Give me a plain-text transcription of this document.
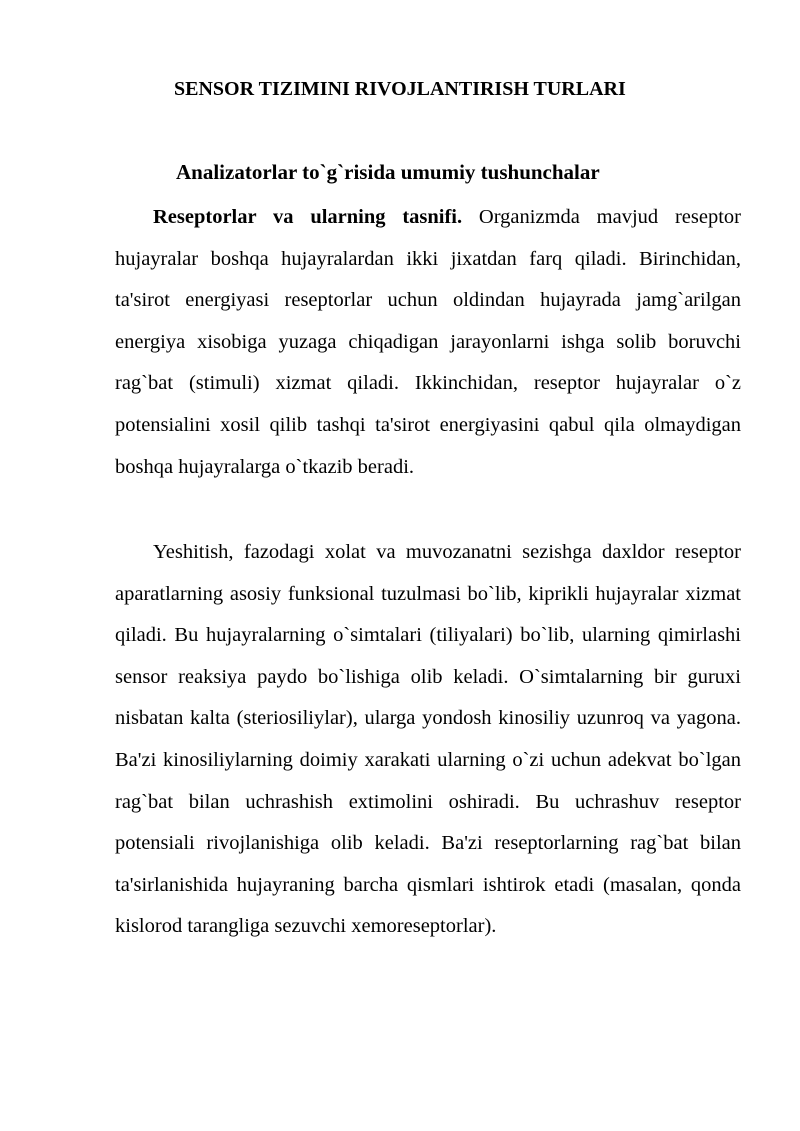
SENSOR TIZIMINI RIVOJLANTIRISH TURLARI
Analizatorlar to`g`risida umumiy tushunchalar

Reseptorlar va ularning tasnifi. Organizmda mavjud reseptor hujayralar boshqa hujayralardan ikki jixatdan farq qiladi. Birinchidan, ta'sirot energiyasi reseptorlar uchun oldindan hujayrada jamg`arilgan energiya xisobiga yuzaga chiqadigan jarayonlarni ishga solib boruvchi rag`bat (stimuli) xizmat qiladi. Ikkinchidan, reseptor hujayralar o`z potensialini xosil qilib tashqi ta'sirot energiyasini qabul qila olmaydigan boshqa hujayralarga o`tkazib beradi.

Yeshitish, fazodagi xolat va muvozanatni sezishga daxldor reseptor aparatlarning asosiy funksional tuzulmasi bo`lib, kiprikli hujayralar xizmat qiladi. Bu hujayralarning o`simtalari (tiliyalari) bo`lib, ularning qimirlashi sensor reaksiya paydo bo`lishiga olib keladi. O`simtalarning bir guruxi nisbatan kalta (steriosiliylar), ularga yondosh kinosiliy uzunroq va yagona. Ba'zi kinosiliylarning doimiy xarakati ularning o`zi uchun adekvat bo`lgan rag`bat bilan uchrashish extimolini oshiradi. Bu uchrashuv reseptor potensiali rivojlanishiga olib keladi. Ba'zi reseptorlarning rag`bat bilan ta'sirlanishida hujayraning barcha qismlari ishtirok etadi (masalan, qonda kislorod tarangliga sezuvchi xemoreseptorlar).
